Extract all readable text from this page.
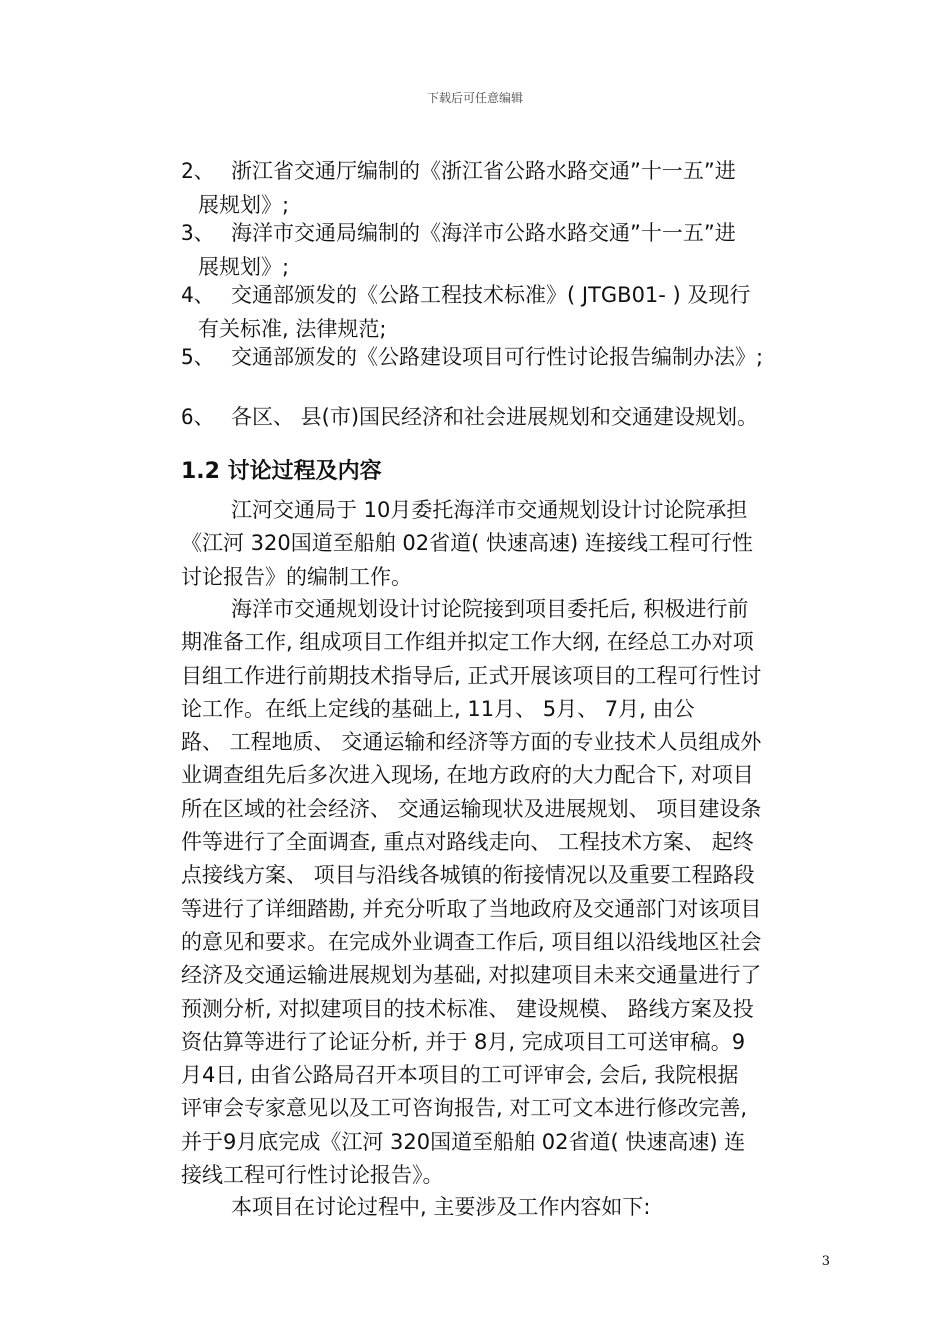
下载后可任意编辑
2、 浙江省交通厅编制的《浙江省公路水路交通”十一五”进
展规划》;
3、 海洋市交通局编制的《海洋市公路水路交通”十一五”进
展规划》;
4、 交通部颁发的《公路工程技术标准》( JTGB01- ) 及现行
有关标准, 法律规范;
5、 交通部颁发的《公路建设项目可行性讨论报告编制办法》;
6、 各区、 县(市)国民经济和社会进展规划和交通建设规划。
1.2 讨论过程及内容
江河交通局于 10月委托海洋市交通规划设计讨论院承担
《江河 320国道至船舶 02省道( 快速高速) 连接线工程可行性
讨论报告》的编制工作。
海洋市交通规划设计讨论院接到项目委托后, 积极进行前
期准备工作, 组成项目工作组并拟定工作大纲, 在经总工办对项
目组工作进行前期技术指导后, 正式开展该项目的工程可行性讨
论工作。在纸上定线的基础上, 11月、 5月、 7月, 由公
路、 工程地质、 交通运输和经济等方面的专业技术人员组成外
业调查组先后多次进入现场, 在地方政府的大力配合下, 对项目
所在区域的社会经济、 交通运输现状及进展规划、 项目建设条
件等进行了全面调查, 重点对路线走向、 工程技术方案、 起终
点接线方案、 项目与沿线各城镇的衔接情况以及重要工程路段
等进行了详细踏勘, 并充分听取了当地政府及交通部门对该项目
的意见和要求。在完成外业调查工作后, 项目组以沿线地区社会
经济及交通运输进展规划为基础, 对拟建项目未来交通量进行了
预测分析, 对拟建项目的技术标准、 建设规模、 路线方案及投
资估算等进行了论证分析, 并于 8月, 完成项目工可送审稿。9
月4日, 由省公路局召开本项目的工可评审会, 会后, 我院根据
评审会专家意见以及工可咨询报告, 对工可文本进行修改完善,
并于9月底完成《江河 320国道至船舶 02省道( 快速高速) 连
接线工程可行性讨论报告》。
本项目在讨论过程中, 主要涉及工作内容如下:
3
